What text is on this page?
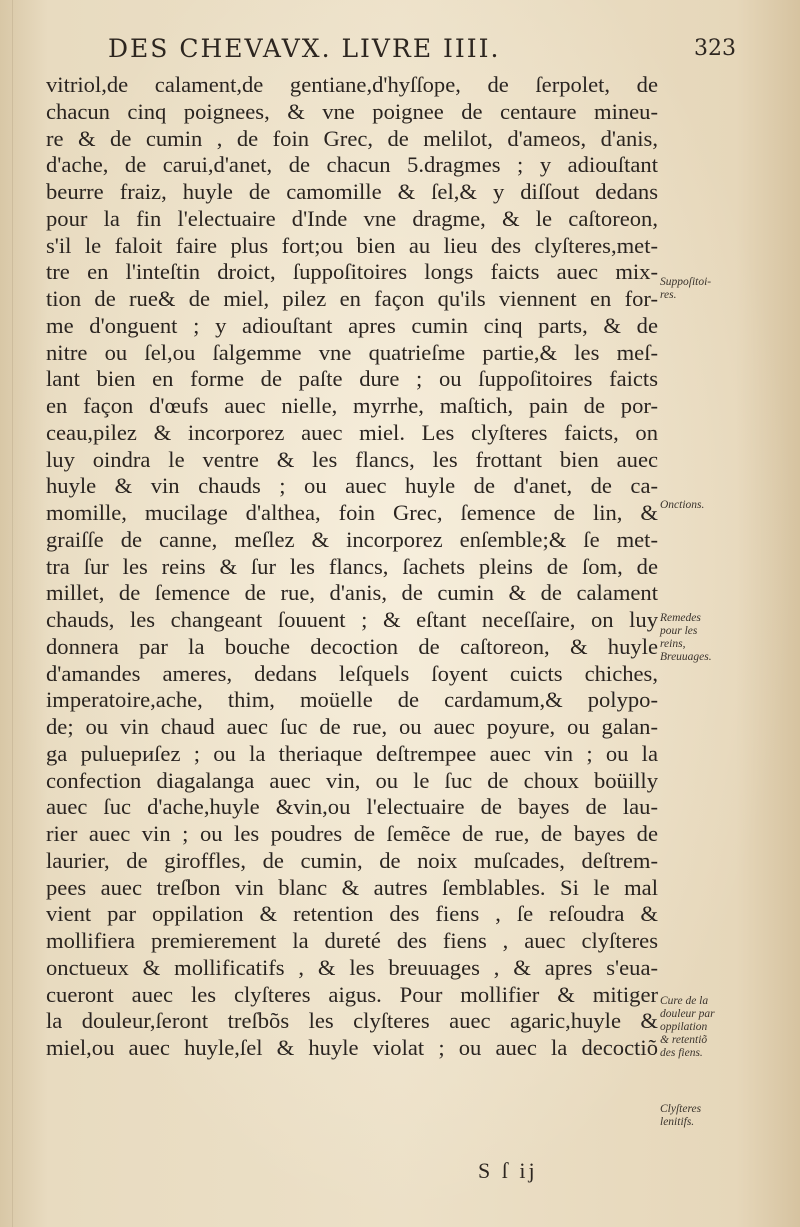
DES CHEVAVX. LIVRE IIII.	323
vitriol,de calament,de gentiane,d'hyſſope, de ſerpolet, de
chacun cinq poignees, & vne poignee de centaure mineu-
re & de cumin , de foin Grec, de melilot, d'ameos, d'anis,
d'ache, de carui,d'anet, de chacun 5.dragmes ; y adiouſtant
beurre fraiz, huyle de camomille & ſel,& y diſſout dedans
pour la fin l'electuaire d'Inde vne dragme, & le caſtoreon,
s'il le faloit faire plus fort;ou bien au lieu des clyſteres,met-
tre en l'inteſtin droict, ſuppoſitoires longs faicts auec mix-
tion de rue& de miel, pilez en façon qu'ils viennent en for-
me d'onguent ; y adiouſtant apres cumin cinq parts, & de
nitre ou ſel,ou ſalgemme vne quatrieſme partie,& les meſ-
lant bien en forme de paſte dure ; ou ſuppoſitoires faicts
en façon d'œufs auec nielle, myrrhe, maſtich, pain de por-
ceau,pilez & incorporez auec miel. Les clyſteres faicts, on
luy oindra le ventre & les flancs, les frottant bien auec
huyle & vin chauds ; ou auec huyle de d'anet, de ca-
momille, mucilage d'althea, foin Grec, ſemence de lin, &
graiſſe de canne, meſlez & incorporez enſemble;& ſe met-
tra ſur les reins & ſur les flancs, ſachets pleins de ſom, de
millet, de ſemence de rue, d'anis, de cumin & de calament
chauds, les changeant ſouuent ; & eſtant neceſſaire, on luy
donnera par la bouche decoction de caſtoreon, & huyle
d'amandes ameres, dedans leſquels ſoyent cuicts chiches,
imperatoire,ache, thim, moüelle de cardamum,& polypo-
de; ou vin chaud auec ſuc de rue, ou auec poyure, ou galan-
ga puluериſez ; ou la theriaque deſtrempee auec vin ; ou la
confection diagalanga auec vin, ou le ſuc de choux boüilly
auec ſuc d'ache,huyle &vin,ou l'electuaire de bayes de lau-
rier auec vin ; ou les poudres de ſemẽce de rue, de bayes de
laurier, de giroffles, de cumin, de noix muſcades, deſtrem-
pees auec treſbon vin blanc & autres ſemblables. Si le mal
vient par oppilation & retention des fiens , ſe reſoudra &
mollifiera premierement la dureté des fiens , auec clyſteres
onctueux & mollificatifs , & les breuuages , & apres s'eua-
cueront auec les clyſteres aigus. Pour mollifier & mitiger
la douleur,ſeront treſbõs les clyſteres auec agaric,huyle &
miel,ou auec huyle,ſel & huyle violat ; ou auec la decoctiõ
Suppoſitoi-
res.
Onctions.
Remedes
pour les
reins,
Breuuages.
Cure de la
douleur par
oppilation
& retentiõ
des fiens.
Clyſteres
lenitifs.
S ſ ij
